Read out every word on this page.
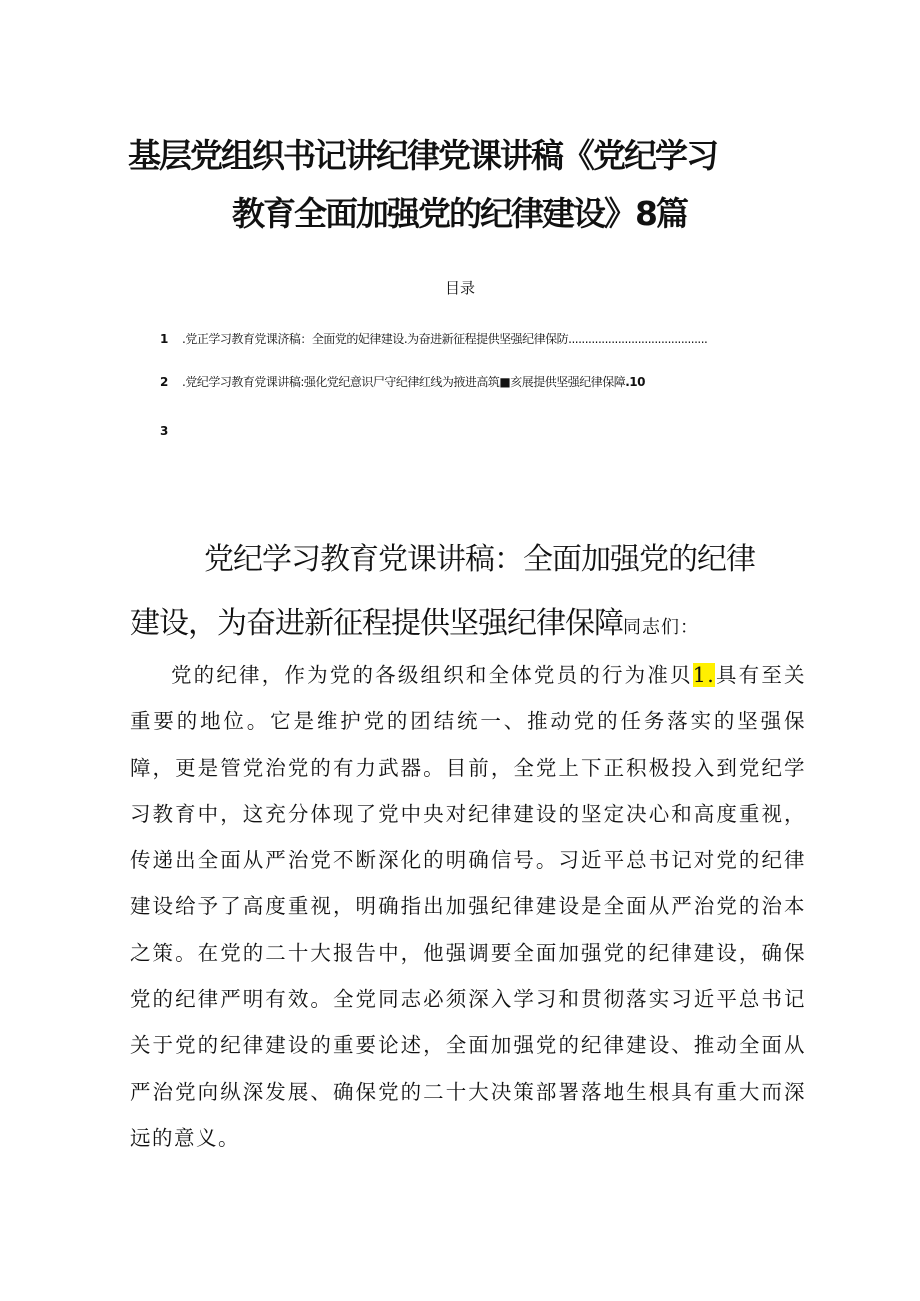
基层党组织书记讲纪律党课讲稿《党纪学习
教育全面加强党的纪律建设》8篇
目录
1 .党正学习教育党课济稿：全面党的妃律建设.为奋进新征程提供坚强纪律保防..........................................
2 .党纪学习教育党课讲稿:强化党纪意识尸守纪律红线为掖进高筑■亥展提供坚强纪律保障.10
3
党纪学习教育党课讲稿：全面加强党的纪律
建设，为奋进新征程提供坚强纪律保障同志们：

党的纪律，作为党的各级组织和全体党员的行为准贝1.具有至关重要的地位。它是维护党的团结统一、推动党的任务落实的坚强保障，更是管党治党的有力武器。目前，全党上下正积极投入到党纪学习教育中，这充分体现了党中央对纪律建设的坚定决心和高度重视，传递出全面从严治党不断深化的明确信号。习近平总书记对党的纪律建设给予了高度重视，明确指出加强纪律建设是全面从严治党的治本之策。在党的二十大报告中，他强调要全面加强党的纪律建设，确保党的纪律严明有效。全党同志必须深入学习和贯彻落实习近平总书记关于党的纪律建设的重要论述，全面加强党的纪律建设、推动全面从严治党向纵深发展、确保党的二十大决策部署落地生根具有重大而深远的意义。
